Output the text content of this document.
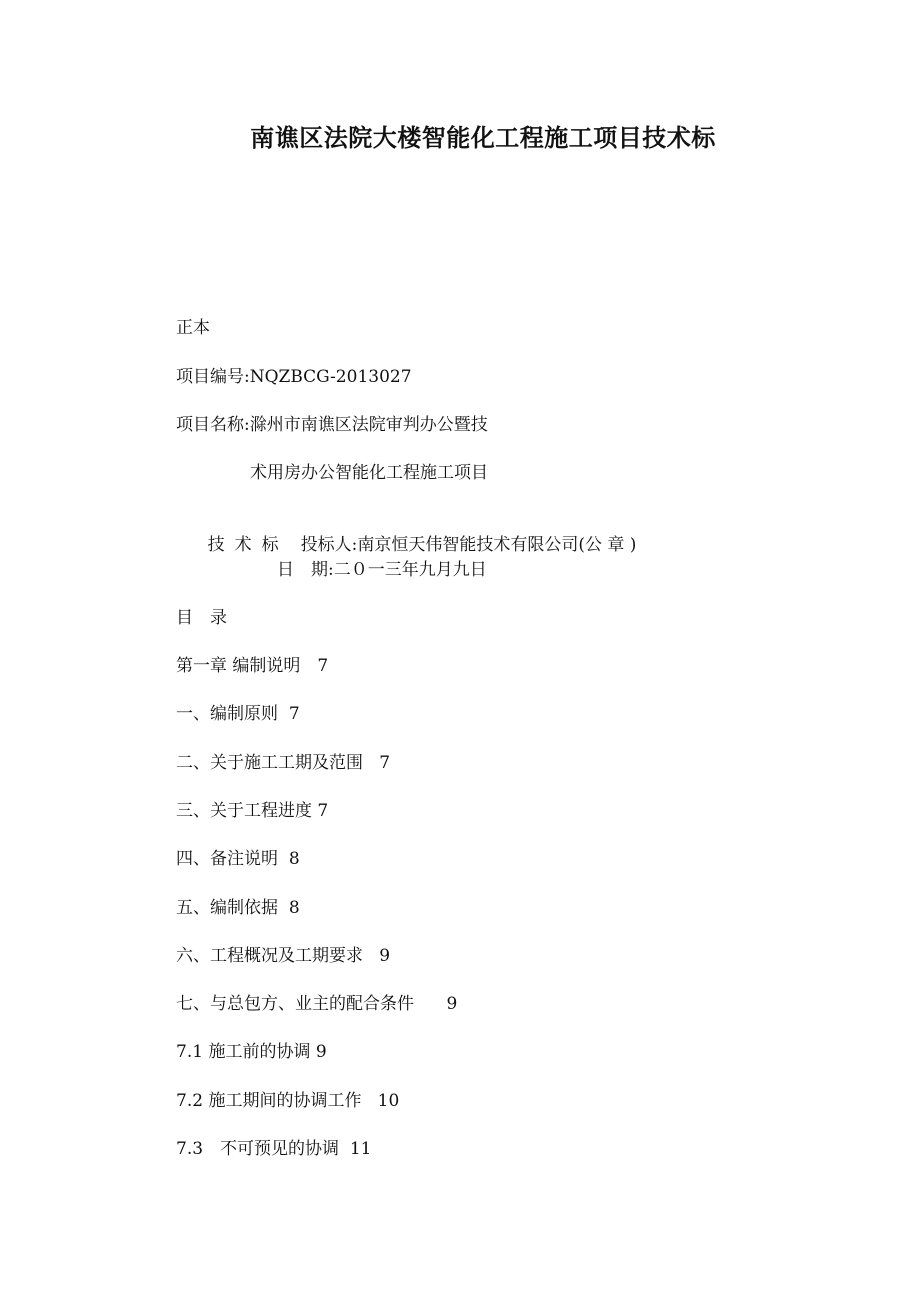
南谯区法院大楼智能化工程施工项目技术标
正本
项目编号:NQZBCG-2013027
项目名称:滁州市南谯区法院审判办公暨技
术用房办公智能化工程施工项目

技 术 标 投标人:南京恒天伟智能技术有限公司(公 章 )

日　期:二０一三年九月九日
目　录
第一章 编制说明　 7
一、编制原则 7
二、关于施工工期及范围 7
三、关于工程进度 7
四、备注说明 8
五、编制依据 8
六、工程概况及工期要求 9
七、与总包方、业主的配合条件 9
7.1 施工前的协调 9
7.2 施工期间的协调工作 10
7.3　不可预见的协调 11
